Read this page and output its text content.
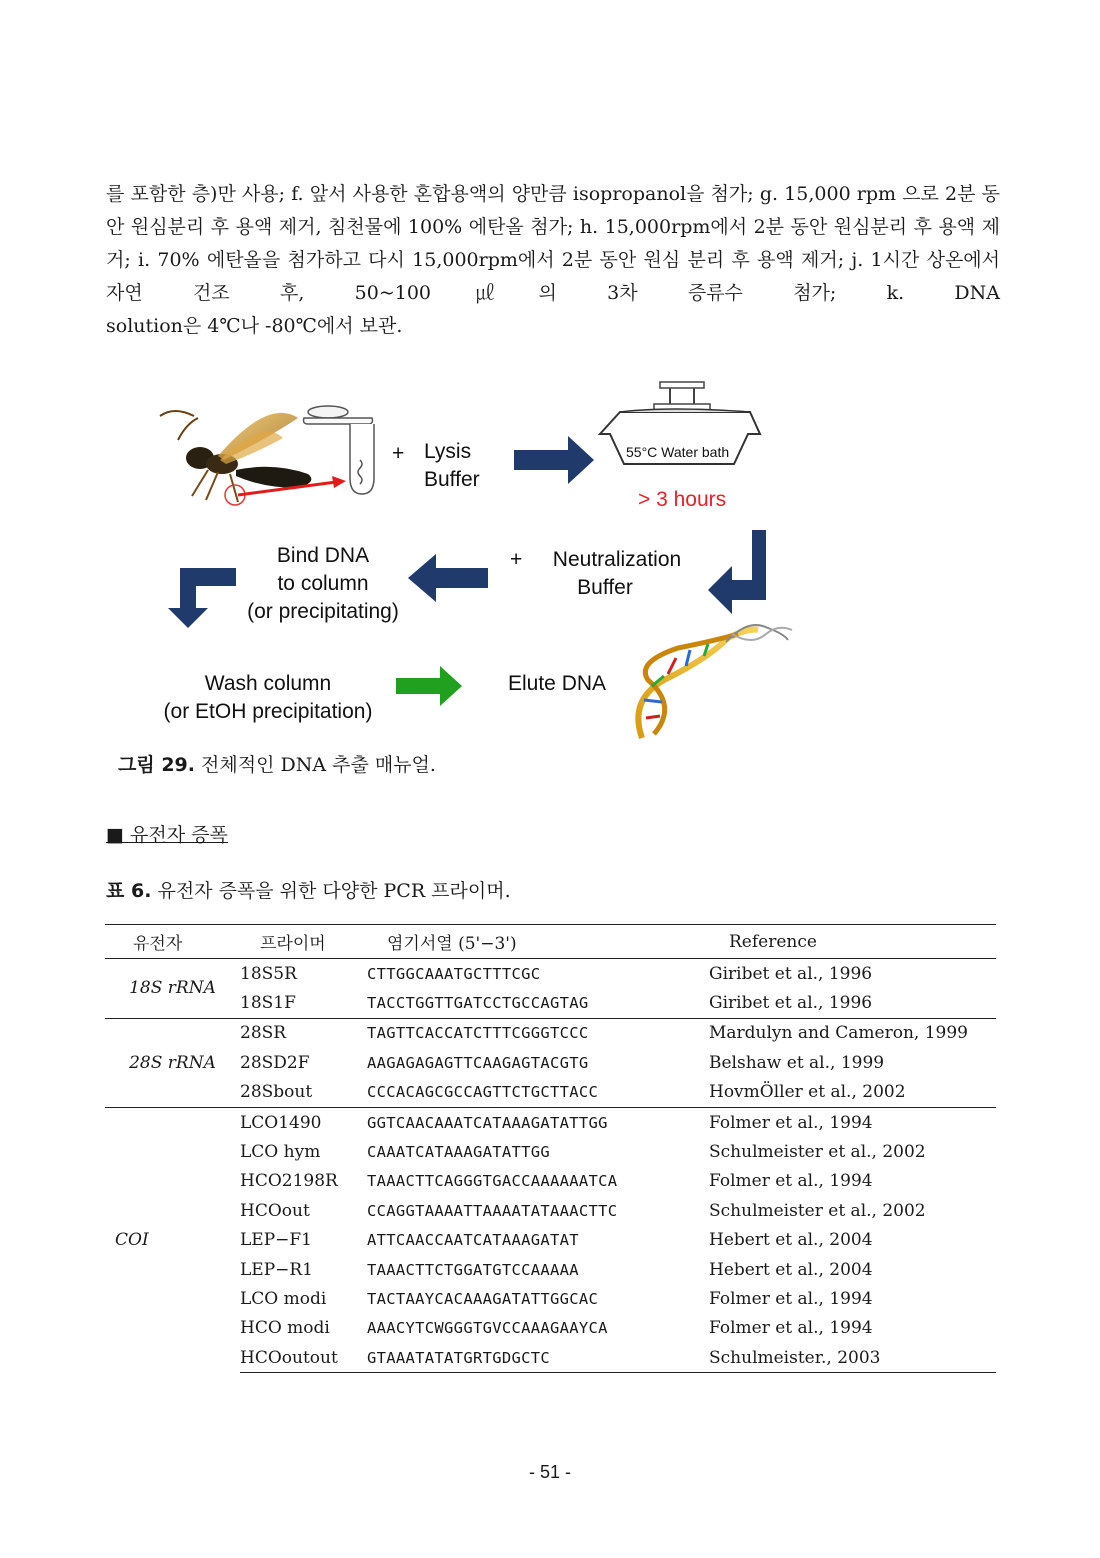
를 포함한 층)만 사용; f. 앞서 사용한 혼합용액의 양만큼 isopropanol을 첨가; g. 15,000 rpm 으로 2분 동안 원심분리 후 용액 제거, 침천물에 100% 에탄올 첨가; h. 15,000rpm에서 2분 동안 원심분리 후 용액 제거; i. 70% 에탄올을 첨가하고 다시 15,000rpm에서 2분 동안 원심 분리 후 용액 제거; j. 1시간 상온에서 자연 건조 후, 50~100㎕의 3차 증류수 첨가; k. DNA
solution은 4℃나 -80℃에서 보관.

+ Lysis
Buffer
55°C Water bath
> 3 hours
+	Neutralization
Buffer
Bind DNA
to column
(or precipitating)
Wash column
(or EtOH precipitation)
Elute DNA

그림 29. 전체적인 DNA 추출 매뉴얼.

■ 유전자 증폭

표 6. 유전자 증폭을 위한 다양한 PCR 프라이머.

유전자	프라이머	염기서열 (5'−3')	Reference
18S rRNA	18S5R	CTTGGCAAATGCTTTCGC	Giribet et al., 1996
	18S1F	TACCTGGTTGATCCTGCCAGTAG	Giribet et al., 1996
28S rRNA	28SR	TAGTTCACCATCTTTCGGGTCCC	Mardulyn and Cameron, 1999
	28SD2F	AAGAGAGAGTTCAAGAGTACGTG	Belshaw et al., 1999
	28Sbout	CCCACAGCGCCAGTTCTGCTTACC	HovmÖller et al., 2002
COI	LCO1490	GGTCAACAAATCATAAAGATATTGG	Folmer et al., 1994
	LCO hym	CAAATCATAAAGATATTGG	Schulmeister et al., 2002
	HCO2198R	TAAACTTCAGGGTGACCAAAAAATCA	Folmer et al., 1994
	HCOout	CCAGGTAAAATTAAAATATAAACTTC	Schulmeister et al., 2002
	LEP−F1	ATTCAACCAATCATAAAGATAT	Hebert et al., 2004
	LEP−R1	TAAACTTCTGGATGTCCAAAAA	Hebert et al., 2004
	LCO modi	TACTAAYCACAAAGATATTGGCAC	Folmer et al., 1994
	HCO modi	AAACYTCWGGGTGVCCAAAGAAYCA	Folmer et al., 1994
	HCOoutout	GTAAATATATGRTGDGCTC	Schulmeister., 2003

- 51 -
